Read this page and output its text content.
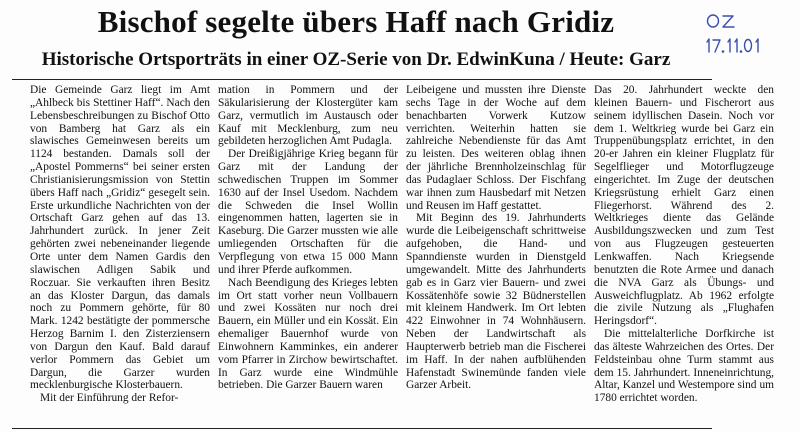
Bischof segelte übers Haff nach Gridiz
Historische Ortsporträts in einer OZ-Serie von Dr. EdwinKuna / Heute: Garz

Die Gemeinde Garz liegt im Amt „Ahlbeck bis Stettiner Haff“. Nach den Lebensbeschreibungen zu Bischof Otto von Bamberg hat Garz als ein slawisches Gemeinwesen bereits um 1124 bestanden. Damals soll der „Apostel Pommerns“ bei seiner ersten Christianisierungsmission von Stettin übers Haff nach „Gridiz“ gesegelt sein. Erste urkundliche Nachrichten von der Ortschaft Garz gehen auf das 13. Jahrhundert zurück. In jener Zeit gehörten zwei nebeneinander liegende Orte unter dem Namen Gardis den slawischen Adligen Sabik und Roczuar. Sie verkauften ihren Besitz an das Kloster Dargun, das damals noch zu Pommern gehörte, für 80 Mark. 1242 bestätigte der pommersche Herzog Barnim I. den Zisterziensern von Dargun den Kauf. Bald darauf verlor Pommern das Gebiet um Dargun, die Garzer wurden mecklenburgische Klosterbauern.

Mit der Einführung der Refor-

mation in Pommern und der Säkularisierung der Klostergüter kam Garz, vermutlich im Austausch oder Kauf mit Mecklenburg, zum neu gebildeten herzoglichen Amt Pudagla.

Der Dreißigjährige Krieg begann für Garz mit der Landung der schwedischen Truppen im Sommer 1630 auf der Insel Usedom. Nachdem die Schweden die Insel Wollin eingenommen hatten, lagerten sie in Kaseburg. Die Garzer mussten wie alle umliegenden Ortschaften für die Verpflegung von etwa 15 000 Mann und ihrer Pferde aufkommen.

Nach Beendigung des Krieges lebten im Ort statt vorher neun Vollbauern und zwei Kossäten nur noch drei Bauern, ein Müller und ein Kossät. Ein ehemaliger Bauernhof wurde von Einwohnern Kamminkes, ein anderer vom Pfarrer in Zirchow bewirtschaftet. In Garz wurde eine Windmühle betrieben. Die Garzer Bauern waren

Leibeigene und mussten ihre Dienste sechs Tage in der Woche auf dem benachbarten Vorwerk Kutzow verrichten. Weiterhin hatten sie zahlreiche Nebendienste für das Amt zu leisten. Des weiteren oblag ihnen der jährliche Brennholzeinschlag für das Pudaglaer Schloss. Der Fischfang war ihnen zum Hausbedarf mit Netzen und Reusen im Haff gestattet.

Mit Beginn des 19. Jahrhunderts wurde die Leibeigenschaft schrittweise aufgehoben, die Hand- und Spanndienste wurden in Dienstgeld umgewandelt. Mitte des Jahrhunderts gab es in Garz vier Bauern- und zwei Kossätenhöfe sowie 32 Büdnerstellen mit kleinem Handwerk. Im Ort lebten 422 Einwohner in 74 Wohnhäusern. Neben der Landwirtschaft als Haupterwerb betrieb man die Fischerei im Haff. In der nahen aufblühenden Hafenstadt Swinemünde fanden viele Garzer Arbeit.

Das 20. Jahrhundert weckte den kleinen Bauern- und Fischerort aus seinem idyllischen Dasein. Noch vor dem 1. Weltkrieg wurde bei Garz ein Truppenübungsplatz errichtet, in den 20-er Jahren ein kleiner Flugplatz für Segelflieger und Motorflugzeuge eingerichtet. Im Zuge der deutschen Kriegsrüstung erhielt Garz einen Fliegerhorst. Während des 2. Weltkrieges diente das Gelände Ausbildungszwecken und zum Test von aus Flugzeugen gesteuerten Lenkwaffen. Nach Kriegsende benutzten die Rote Armee und danach die NVA Garz als Übungs- und Ausweichflugplatz. Ab 1962 erfolgte die zivile Nutzung als „Flughafen Heringsdorf“.

Die mittelalterliche Dorfkirche ist das älteste Wahrzeichen des Ortes. Der Feldsteinbau ohne Turm stammt aus dem 15. Jahrhundert. Inneneinrichtung, Altar, Kanzel und Westempore sind um 1780 errichtet worden.
